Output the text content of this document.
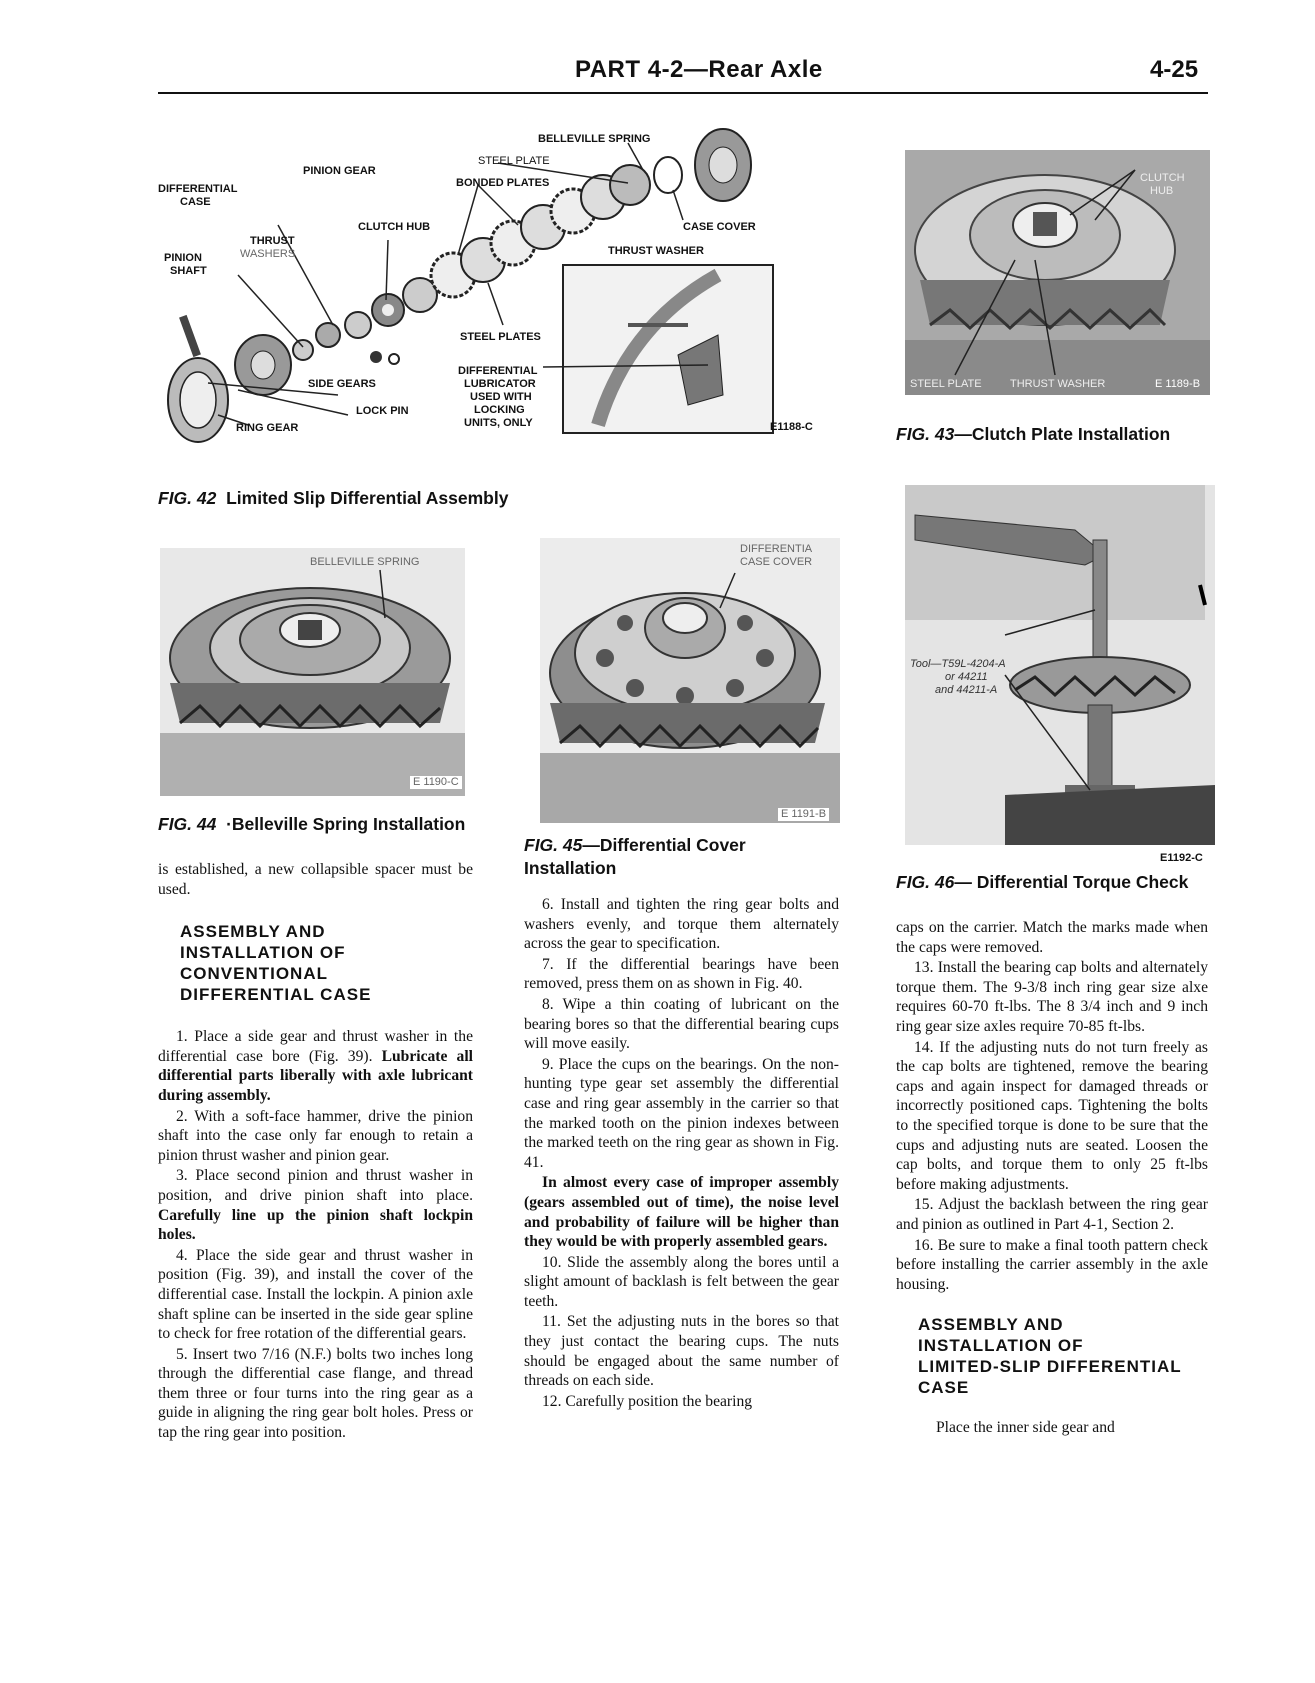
PART 4-2—Rear Axle	4-25
BELLEVILLE SPRING
STEEL PLATE
PINION GEAR
BONDED PLATES
DIFFERENTIAL
CASE
CLUTCH HUB	CASE COVER
THRUST
WASHERS	THRUST WASHER
PINION
SHAFT
STEEL PLATES
SIDE GEARS
LOCK PIN
RING GEAR
DIFFERENTIAL
LUBRICATOR
USED WITH
LOCKING
UNITS, ONLY	E1188-C
FIG. 42 Limited Slip Differential Assembly
CLUTCH
HUB
STEEL PLATE	THRUST WASHER	E 1189-B
FIG. 43—Clutch Plate Installation
BELLEVILLE SPRING
E 1190-C
FIG. 44 ·Belleville Spring Installation
DIFFERENTIA
CASE COVER
E 1191-B
FIG. 45—Differential Cover
Installation
Tool—T59L-4204-A
or 44211
and 44211-A
E1192-C
FIG. 46— Differential Torque Check

is established, a new collapsible spacer must be used.

ASSEMBLY AND
INSTALLATION OF
CONVENTIONAL
DIFFERENTIAL CASE

1. Place a side gear and thrust washer in the differential case bore (Fig. 39). Lubricate all differential parts liberally with axle lubricant during assembly.

2. With a soft-face hammer, drive the pinion shaft into the case only far enough to retain a pinion thrust washer and pinion gear.

3. Place second pinion and thrust washer in position, and drive pinion shaft into place. Carefully line up the pinion shaft lockpin holes.

4. Place the side gear and thrust washer in position (Fig. 39), and install the cover of the differential case. Install the lockpin. A pinion axle shaft spline can be inserted in the side gear spline to check for free rotation of the differential gears.

5. Insert two 7/16 (N.F.) bolts two inches long through the differential case flange, and thread them three or four turns into the ring gear as a guide in aligning the ring gear bolt holes. Press or tap the ring gear into position.

6. Install and tighten the ring gear bolts and washers evenly, and torque them alternately across the gear to specification.

7. If the differential bearings have been removed, press them on as shown in Fig. 40.

8. Wipe a thin coating of lubricant on the bearing bores so that the differential bearing cups will move easily.

9. Place the cups on the bearings. On the non-hunting type gear set assembly the differential case and ring gear assembly in the carrier so that the marked tooth on the pinion indexes between the marked teeth on the ring gear as shown in Fig. 41.

In almost every case of improper assembly (gears assembled out of time), the noise level and probability of failure will be higher than they would be with properly assembled gears.

10. Slide the assembly along the bores until a slight amount of backlash is felt between the gear teeth.

11. Set the adjusting nuts in the bores so that they just contact the bearing cups. The nuts should be engaged about the same number of threads on each side.

12. Carefully position the bearing

caps on the carrier. Match the marks made when the caps were removed.

13. Install the bearing cap bolts and alternately torque them. The 9-3/8 inch ring gear size alxe requires 60-70 ft-lbs. The 8 3/4 inch and 9 inch ring gear size axles require 70-85 ft-lbs.

14. If the adjusting nuts do not turn freely as the cap bolts are tightened, remove the bearing caps and again inspect for damaged threads or incorrectly positioned caps. Tightening the bolts to the specified torque is done to be sure that the cups and adjusting nuts are seated. Loosen the cap bolts, and torque them to only 25 ft-lbs before making adjustments.

15. Adjust the backlash between the ring gear and pinion as outlined in Part 4-1, Section 2.

16. Be sure to make a final tooth pattern check before installing the carrier assembly in the axle housing.

ASSEMBLY AND
INSTALLATION OF
LIMITED-SLIP DIFFERENTIAL
CASE

Place the inner side gear and
